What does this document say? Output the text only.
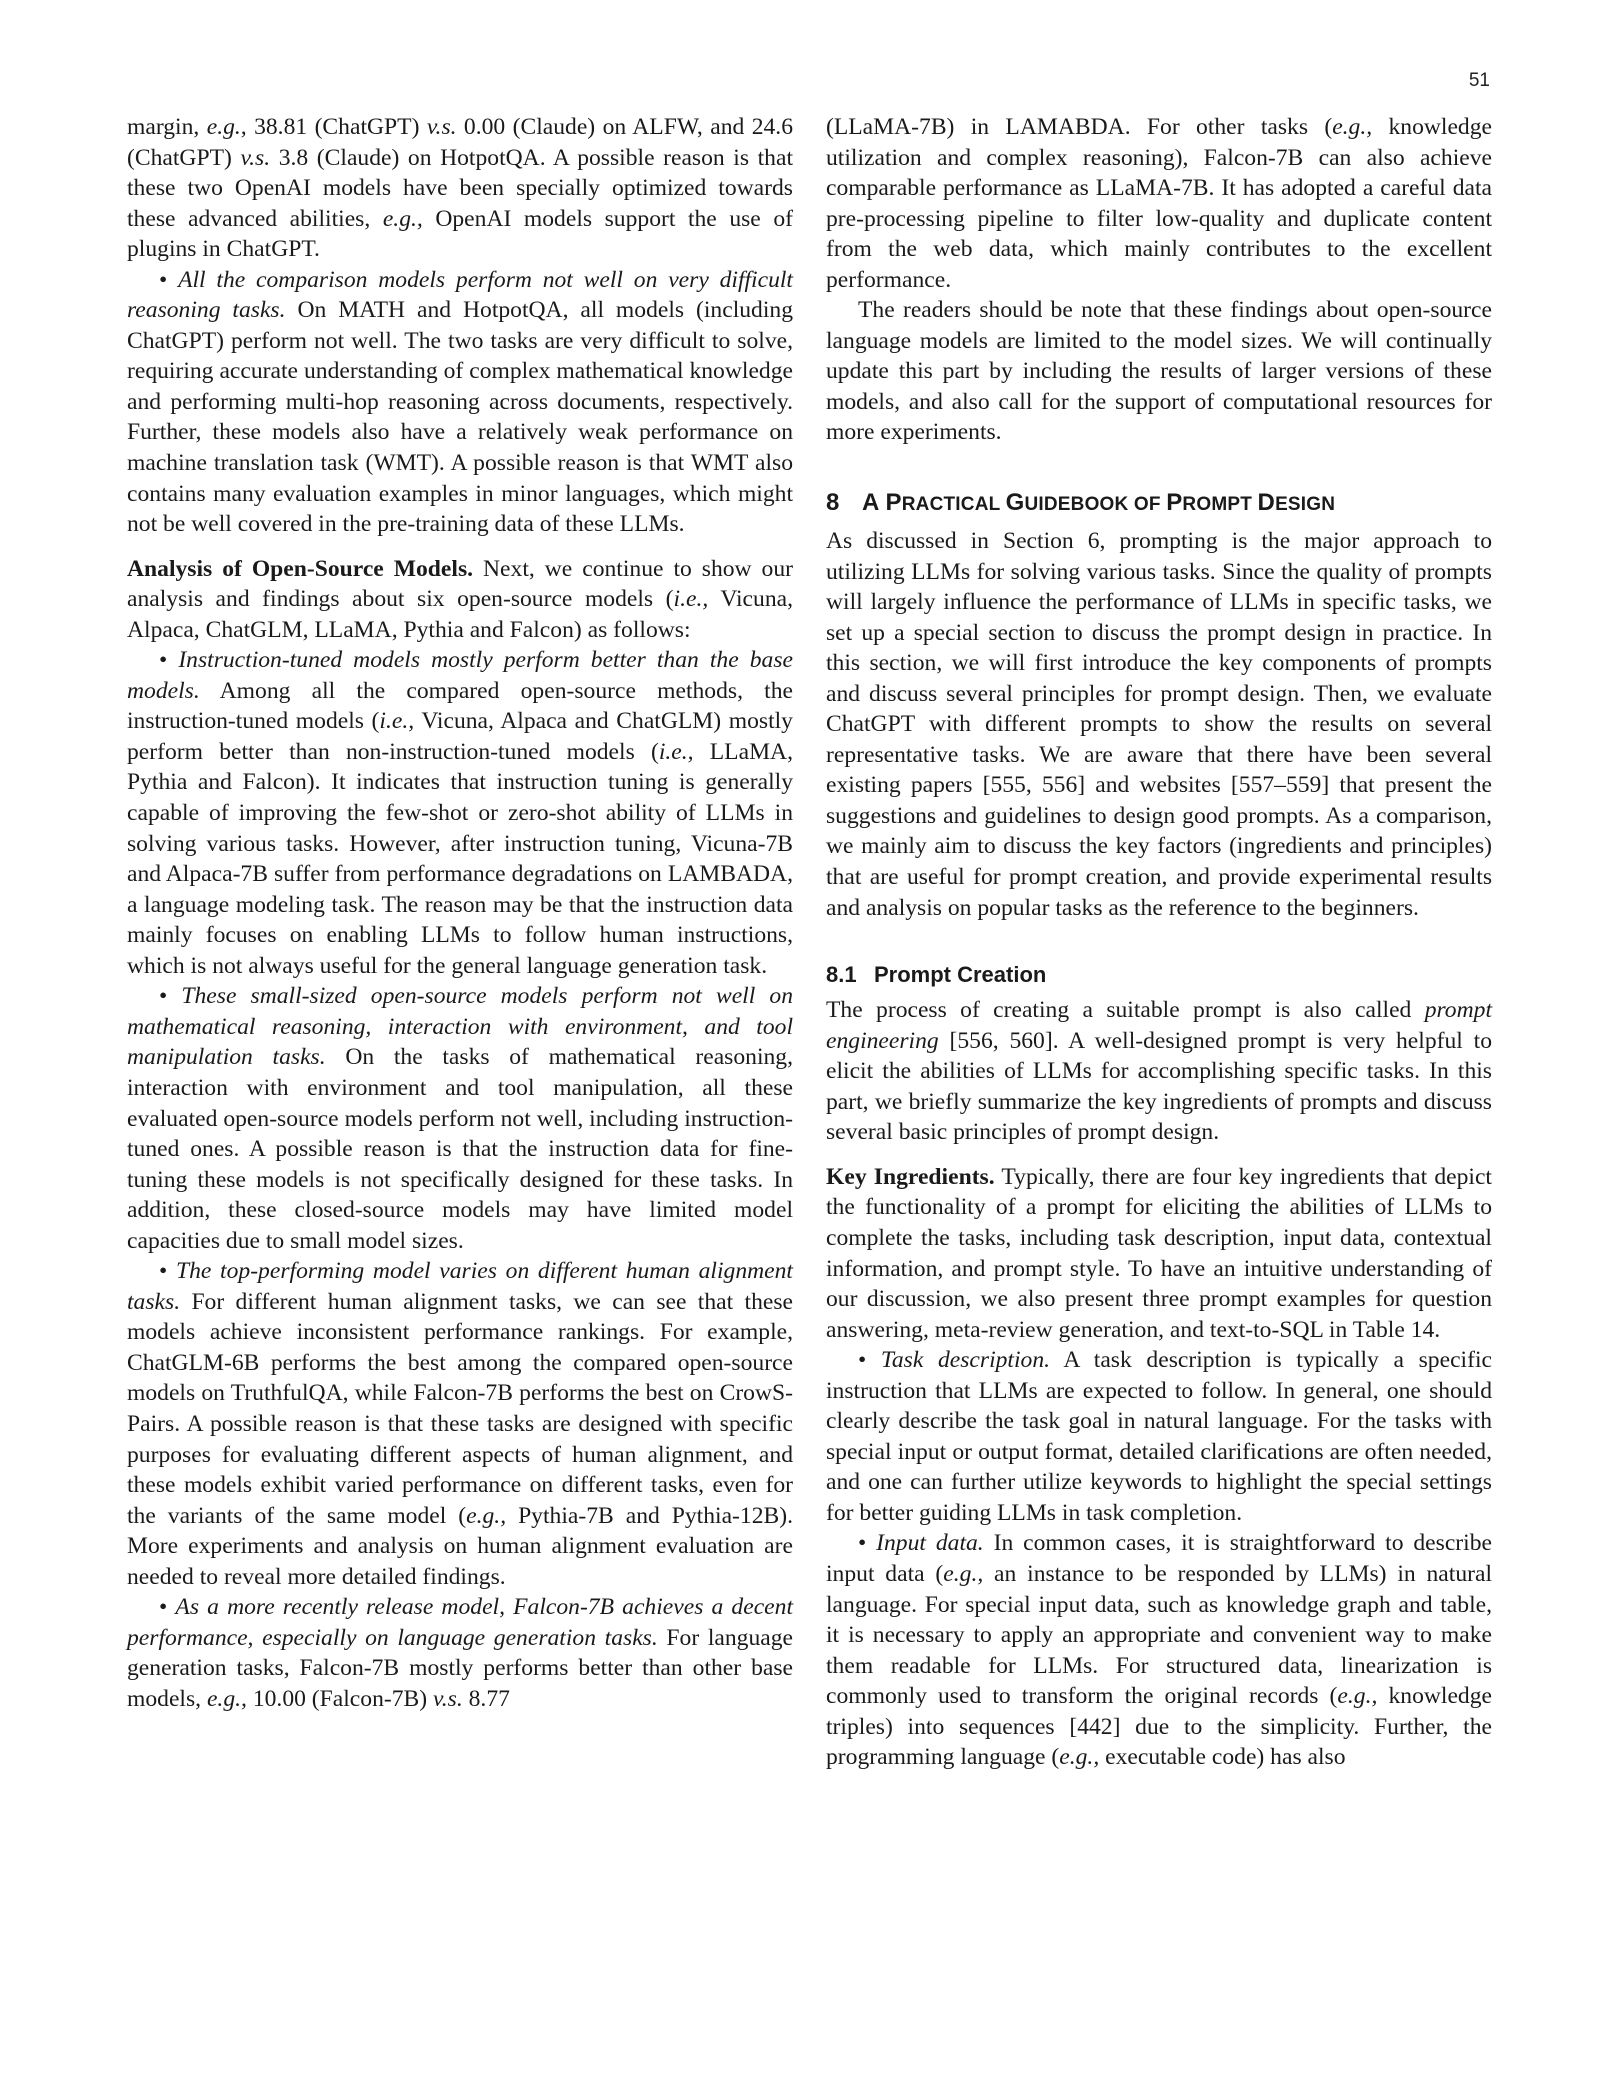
51

margin, e.g., 38.81 (ChatGPT) v.s. 0.00 (Claude) on ALFW, and 24.6 (ChatGPT) v.s. 3.8 (Claude) on HotpotQA. A possible reason is that these two OpenAI models have been specially optimized towards these advanced abilities, e.g., OpenAI models support the use of plugins in ChatGPT.

• All the comparison models perform not well on very difficult reasoning tasks. On MATH and HotpotQA, all models (including ChatGPT) perform not well. The two tasks are very difficult to solve, requiring accurate understanding of complex mathematical knowledge and performing multi-hop reasoning across documents, respectively. Further, these models also have a relatively weak performance on machine translation task (WMT). A possible reason is that WMT also contains many evaluation examples in minor languages, which might not be well covered in the pre-training data of these LLMs.

Analysis of Open-Source Models. Next, we continue to show our analysis and findings about six open-source models (i.e., Vicuna, Alpaca, ChatGLM, LLaMA, Pythia and Falcon) as follows:

• Instruction-tuned models mostly perform better than the base models. Among all the compared open-source methods, the instruction-tuned models (i.e., Vicuna, Alpaca and ChatGLM) mostly perform better than non-instruction-tuned models (i.e., LLaMA, Pythia and Falcon). It indicates that instruction tuning is generally capable of improving the few-shot or zero-shot ability of LLMs in solving various tasks. However, after instruction tuning, Vicuna-7B and Alpaca-7B suffer from performance degradations on LAMBADA, a language modeling task. The reason may be that the instruction data mainly focuses on enabling LLMs to follow human instructions, which is not always useful for the general language generation task.

• These small-sized open-source models perform not well on mathematical reasoning, interaction with environment, and tool manipulation tasks. On the tasks of mathematical reasoning, interaction with environment and tool manipulation, all these evaluated open-source models perform not well, including instruction-tuned ones. A possible reason is that the instruction data for fine-tuning these models is not specifically designed for these tasks. In addition, these closed-source models may have limited model capacities due to small model sizes.

• The top-performing model varies on different human alignment tasks. For different human alignment tasks, we can see that these models achieve inconsistent performance rankings. For example, ChatGLM-6B performs the best among the compared open-source models on TruthfulQA, while Falcon-7B performs the best on CrowS-Pairs. A possible reason is that these tasks are designed with specific purposes for evaluating different aspects of human alignment, and these models exhibit varied performance on different tasks, even for the variants of the same model (e.g., Pythia-7B and Pythia-12B). More experiments and analysis on human alignment evaluation are needed to reveal more detailed findings.

• As a more recently release model, Falcon-7B achieves a decent performance, especially on language generation tasks. For language generation tasks, Falcon-7B mostly performs better than other base models, e.g., 10.00 (Falcon-7B) v.s. 8.77

(LLaMA-7B) in LAMABDA. For other tasks (e.g., knowledge utilization and complex reasoning), Falcon-7B can also achieve comparable performance as LLaMA-7B. It has adopted a careful data pre-processing pipeline to filter low-quality and duplicate content from the web data, which mainly contributes to the excellent performance.

The readers should be note that these findings about open-source language models are limited to the model sizes. We will continually update this part by including the results of larger versions of these models, and also call for the support of computational resources for more experiments.

8 A PRACTICAL GUIDEBOOK OF PROMPT DESIGN

As discussed in Section 6, prompting is the major approach to utilizing LLMs for solving various tasks. Since the quality of prompts will largely influence the performance of LLMs in specific tasks, we set up a special section to discuss the prompt design in practice. In this section, we will first introduce the key components of prompts and discuss several principles for prompt design. Then, we evaluate ChatGPT with different prompts to show the results on several representative tasks. We are aware that there have been several existing papers [555, 556] and websites [557–559] that present the suggestions and guidelines to design good prompts. As a comparison, we mainly aim to discuss the key factors (ingredients and principles) that are useful for prompt creation, and provide experimental results and analysis on popular tasks as the reference to the beginners.

8.1 Prompt Creation

The process of creating a suitable prompt is also called prompt engineering [556, 560]. A well-designed prompt is very helpful to elicit the abilities of LLMs for accomplishing specific tasks. In this part, we briefly summarize the key ingredients of prompts and discuss several basic principles of prompt design.

Key Ingredients. Typically, there are four key ingredients that depict the functionality of a prompt for eliciting the abilities of LLMs to complete the tasks, including task description, input data, contextual information, and prompt style. To have an intuitive understanding of our discussion, we also present three prompt examples for question answering, meta-review generation, and text-to-SQL in Table 14.

• Task description. A task description is typically a specific instruction that LLMs are expected to follow. In general, one should clearly describe the task goal in natural language. For the tasks with special input or output format, detailed clarifications are often needed, and one can further utilize keywords to highlight the special settings for better guiding LLMs in task completion.

• Input data. In common cases, it is straightforward to describe input data (e.g., an instance to be responded by LLMs) in natural language. For special input data, such as knowledge graph and table, it is necessary to apply an appropriate and convenient way to make them readable for LLMs. For structured data, linearization is commonly used to transform the original records (e.g., knowledge triples) into sequences [442] due to the simplicity. Further, the programming language (e.g., executable code) has also
